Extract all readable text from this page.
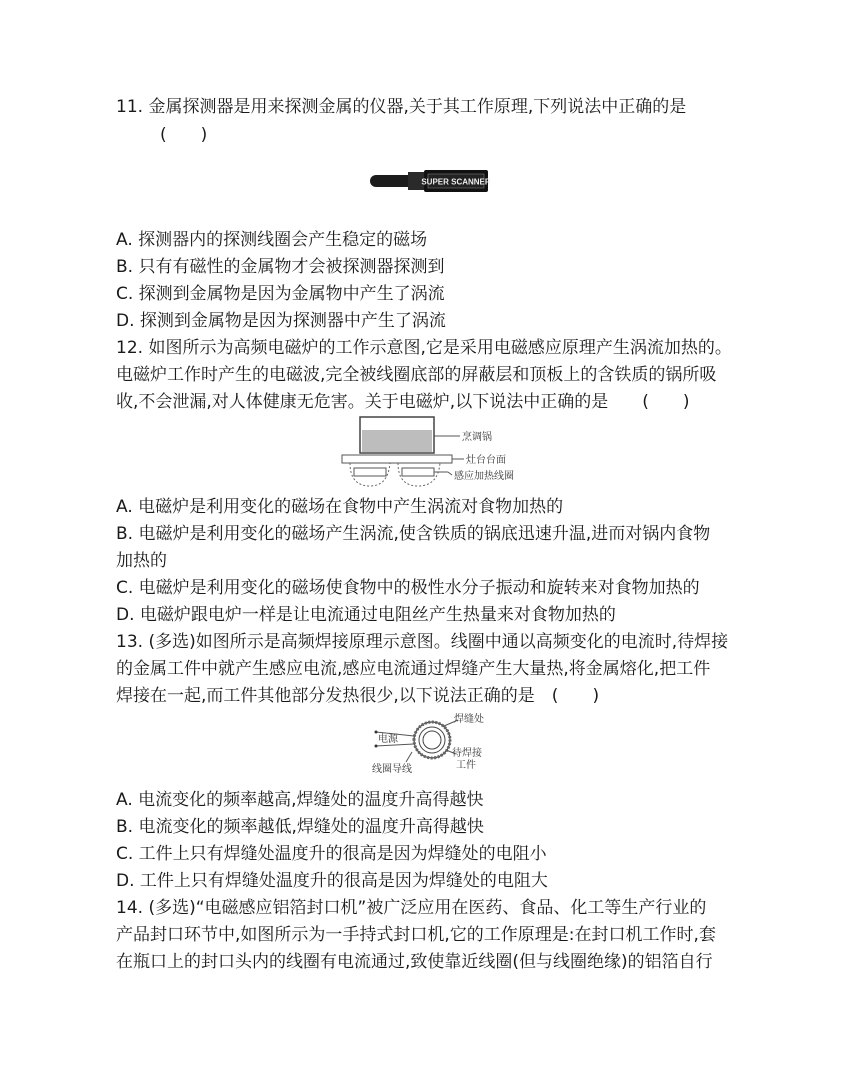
11. 金属探测器是用来探测金属的仪器,关于其工作原理,下列说法中正确的是
(　　)
SUPER SCANNER
A. 探测器内的探测线圈会产生稳定的磁场
B. 只有有磁性的金属物才会被探测器探测到
C. 探测到金属物是因为金属物中产生了涡流
D. 探测到金属物是因为探测器中产生了涡流
12. 如图所示为高频电磁炉的工作示意图,它是采用电磁感应原理产生涡流加热的。
电磁炉工作时产生的电磁波,完全被线圈底部的屏蔽层和顶板上的含铁质的锅所吸
收,不会泄漏,对人体健康无危害。关于电磁炉,以下说法中正确的是　　(　　)
烹调锅
灶台台面
感应加热线圈
A. 电磁炉是利用变化的磁场在食物中产生涡流对食物加热的
B. 电磁炉是利用变化的磁场产生涡流,使含铁质的锅底迅速升温,进而对锅内食物
加热的
C. 电磁炉是利用变化的磁场使食物中的极性水分子振动和旋转来对食物加热的
D. 电磁炉跟电炉一样是让电流通过电阻丝产生热量来对食物加热的
13. (多选)如图所示是高频焊接原理示意图。线圈中通以高频变化的电流时,待焊接
的金属工件中就产生感应电流,感应电流通过焊缝产生大量热,将金属熔化,把工件
焊接在一起,而工件其他部分发热很少,以下说法正确的是　(　　)
焊缝处
电源
待焊接
工件
线圈导线
A. 电流变化的频率越高,焊缝处的温度升高得越快
B. 电流变化的频率越低,焊缝处的温度升高得越快
C. 工件上只有焊缝处温度升的很高是因为焊缝处的电阻小
D. 工件上只有焊缝处温度升的很高是因为焊缝处的电阻大
14. (多选)“电磁感应铝箔封口机”被广泛应用在医药、食品、化工等生产行业的
产品封口环节中,如图所示为一手持式封口机,它的工作原理是:在封口机工作时,套
在瓶口上的封口头内的线圈有电流通过,致使靠近线圈(但与线圈绝缘)的铝箔自行
